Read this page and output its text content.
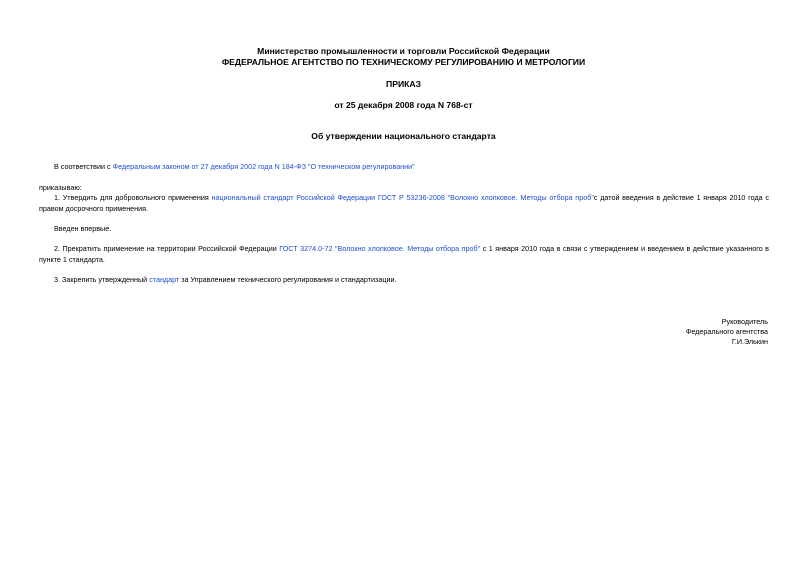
Министерство промышленности и торговли Российской Федерации
ФЕДЕРАЛЬНОЕ АГЕНТСТВО ПО ТЕХНИЧЕСКОМУ РЕГУЛИРОВАНИЮ И МЕТРОЛОГИИ
ПРИКАЗ
от 25 декабря 2008 года N 768-ст
Об утверждении национального стандарта
В соответствии с Федеральным законом от 27 декабря 2002 года N 184-ФЗ "О техническом регулировании"
приказываю:
1. Утвердить для добровольного применения национальный стандарт Российской Федерации ГОСТ Р 53236-2008 "Волокно хлопковое. Методы отбора проб"с датой введения в действие 1 января 2010 года с правом досрочного применения.
Введен впервые.
2. Прекратить применение на территории Российской Федерации ГОСТ 3274.0-72 "Волокно хлопковое. Методы отбора проб" с 1 января 2010 года в связи с утверждением и введением в действие указанного в пункте 1 стандарта.
3. Закрепить утвержденный стандарт за Управлением технического регулирования и стандартизации.
Руководитель
Федерального агентства
Г.И.Элькин
